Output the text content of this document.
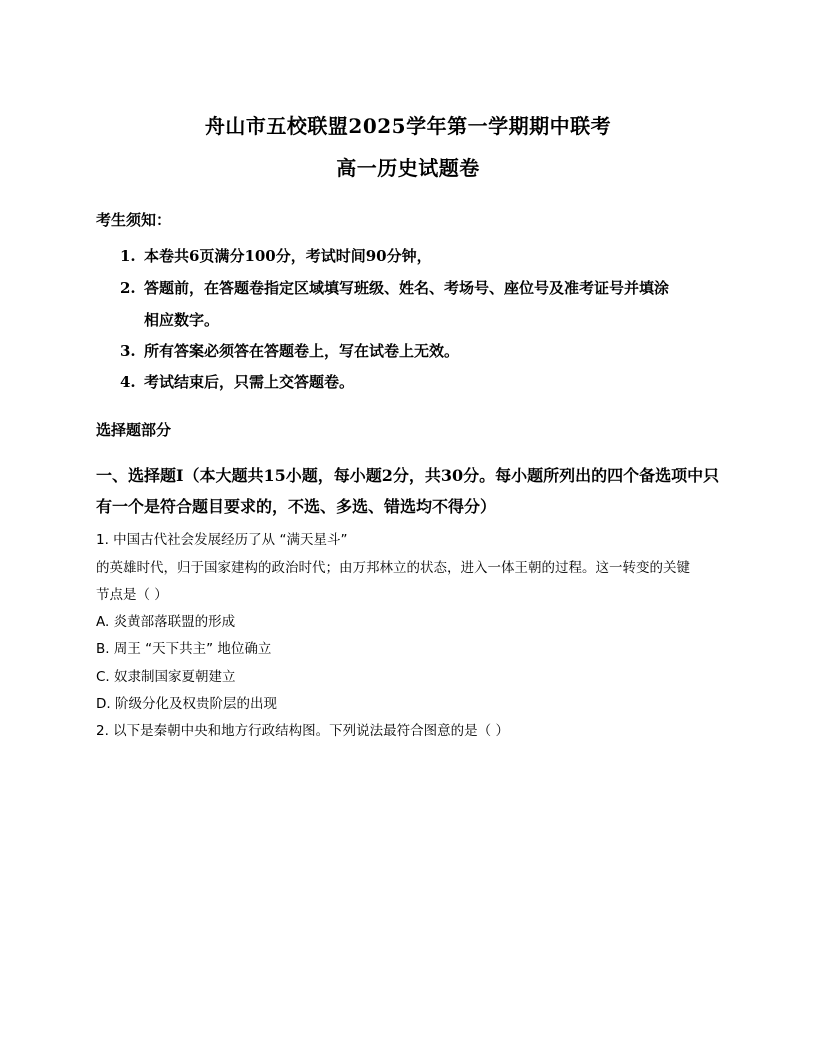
舟山市五校联盟2025学年第一学期期中联考
高一历史试题卷
考生须知：
1. 本卷共6页满分100分，考试时间90分钟，
2. 答题前，在答题卷指定区域填写班级、姓名、考场号、座位号及准考证号并填涂
相应数字。
3. 所有答案必须答在答题卷上，写在试卷上无效。
4. 考试结束后，只需上交答题卷。
选择题部分
一、选择题Ⅰ（本大题共15小题，每小题2分，共30分。每小题所列出的四个备选项中只
有一个是符合题目要求的，不选、多选、错选均不得分）
1. 中国古代社会发展经历了从 “满天星斗”
的英雄时代，归于国家建构的政治时代；由万邦林立的状态，进入一体王朝的过程。这一转变的关键
节点是（ ）
A. 炎黄部落联盟的形成
B. 周王 “天下共主” 地位确立
C. 奴隶制国家夏朝建立
D. 阶级分化及权贵阶层的出现
2. 以下是秦朝中央和地方行政结构图。下列说法最符合图意的是（ ）
